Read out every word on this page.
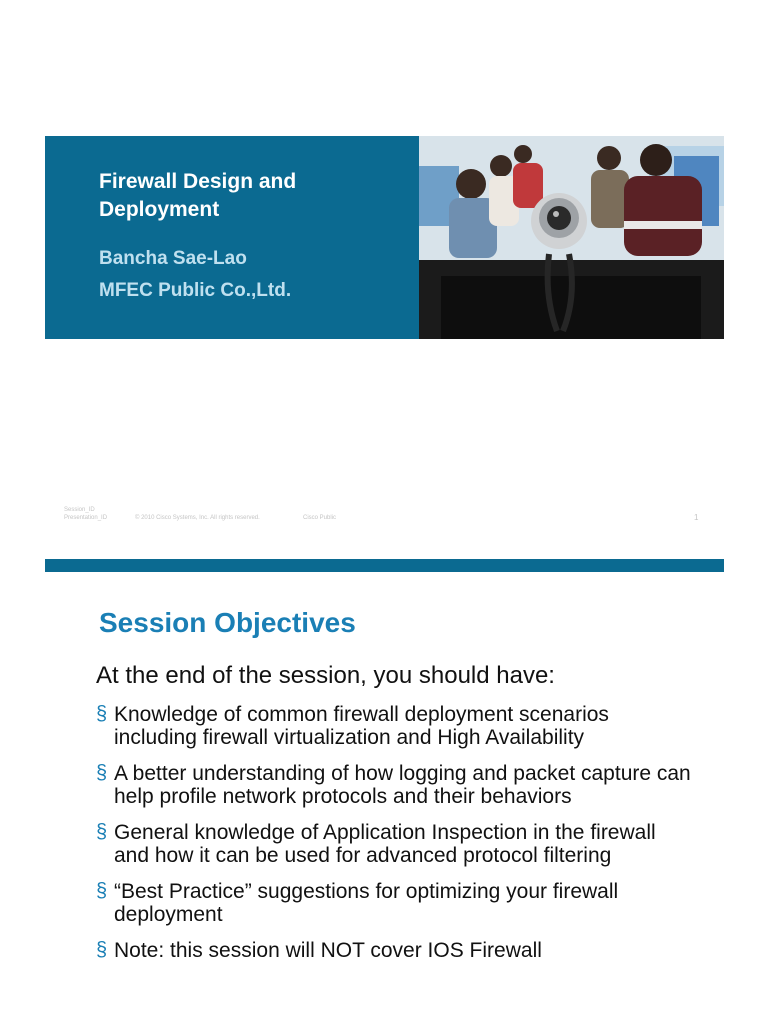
Firewall Design and Deployment
Bancha Sae-Lao
MFEC Public Co.,Ltd.
Session_ID
Presentation_ID	© 2010 Cisco Systems, Inc. All rights reserved.	Cisco Public	1
Session Objectives
At the end of the session, you should have:
§ Knowledge of common firewall deployment scenarios including firewall virtualization and High Availability
§ A better understanding of how logging and packet capture can help profile network protocols and their behaviors
§ General knowledge of Application Inspection in the firewall and how it can be used for advanced protocol filtering
§ “Best Practice” suggestions for optimizing your firewall deployment
§ Note: this session will NOT cover IOS Firewall
